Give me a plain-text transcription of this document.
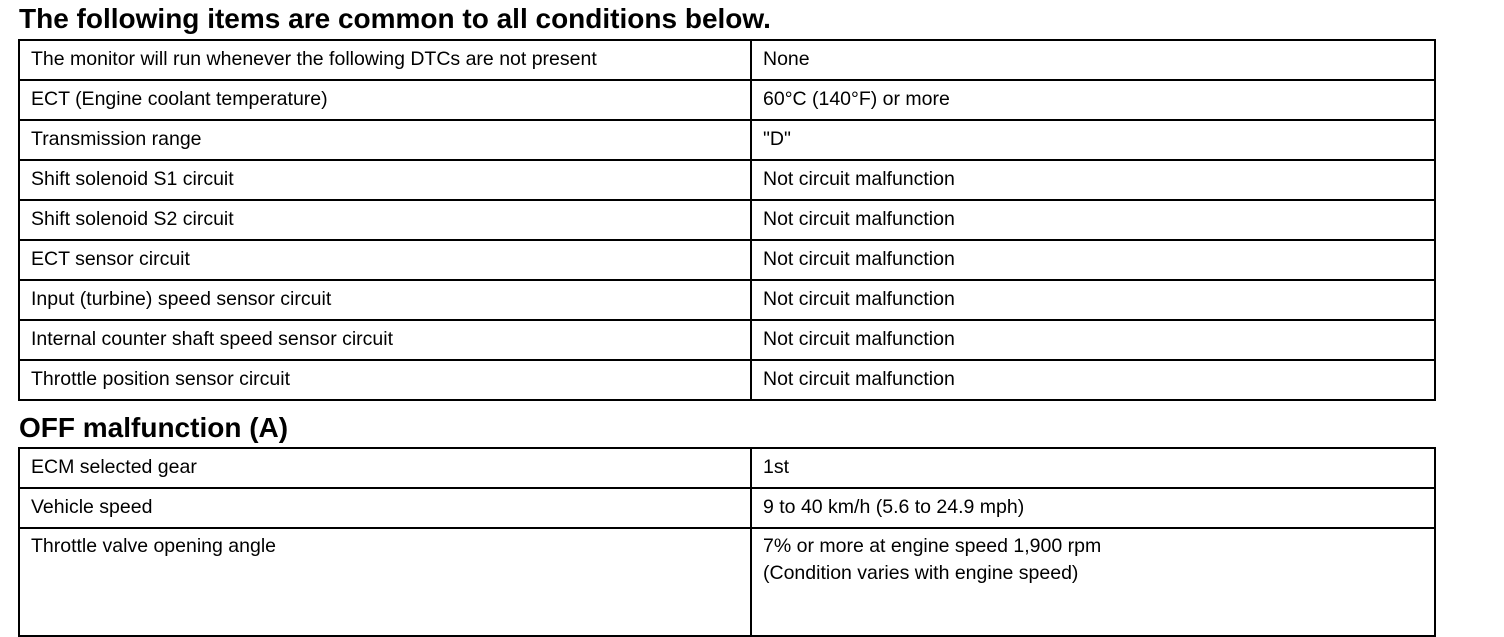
The following items are common to all conditions below.
The monitor will run whenever the following DTCs are not present	None
ECT (Engine coolant temperature)	60°C (140°F) or more
Transmission range	"D"
Shift solenoid S1 circuit	Not circuit malfunction
Shift solenoid S2 circuit	Not circuit malfunction
ECT sensor circuit	Not circuit malfunction
Input (turbine) speed sensor circuit	Not circuit malfunction
Internal counter shaft speed sensor circuit	Not circuit malfunction
Throttle position sensor circuit	Not circuit malfunction
OFF malfunction (A)
ECM selected gear	1st
Vehicle speed	9 to 40 km/h (5.6 to 24.9 mph)
Throttle valve opening angle	7% or more at engine speed 1,900 rpm
(Condition varies with engine speed)
